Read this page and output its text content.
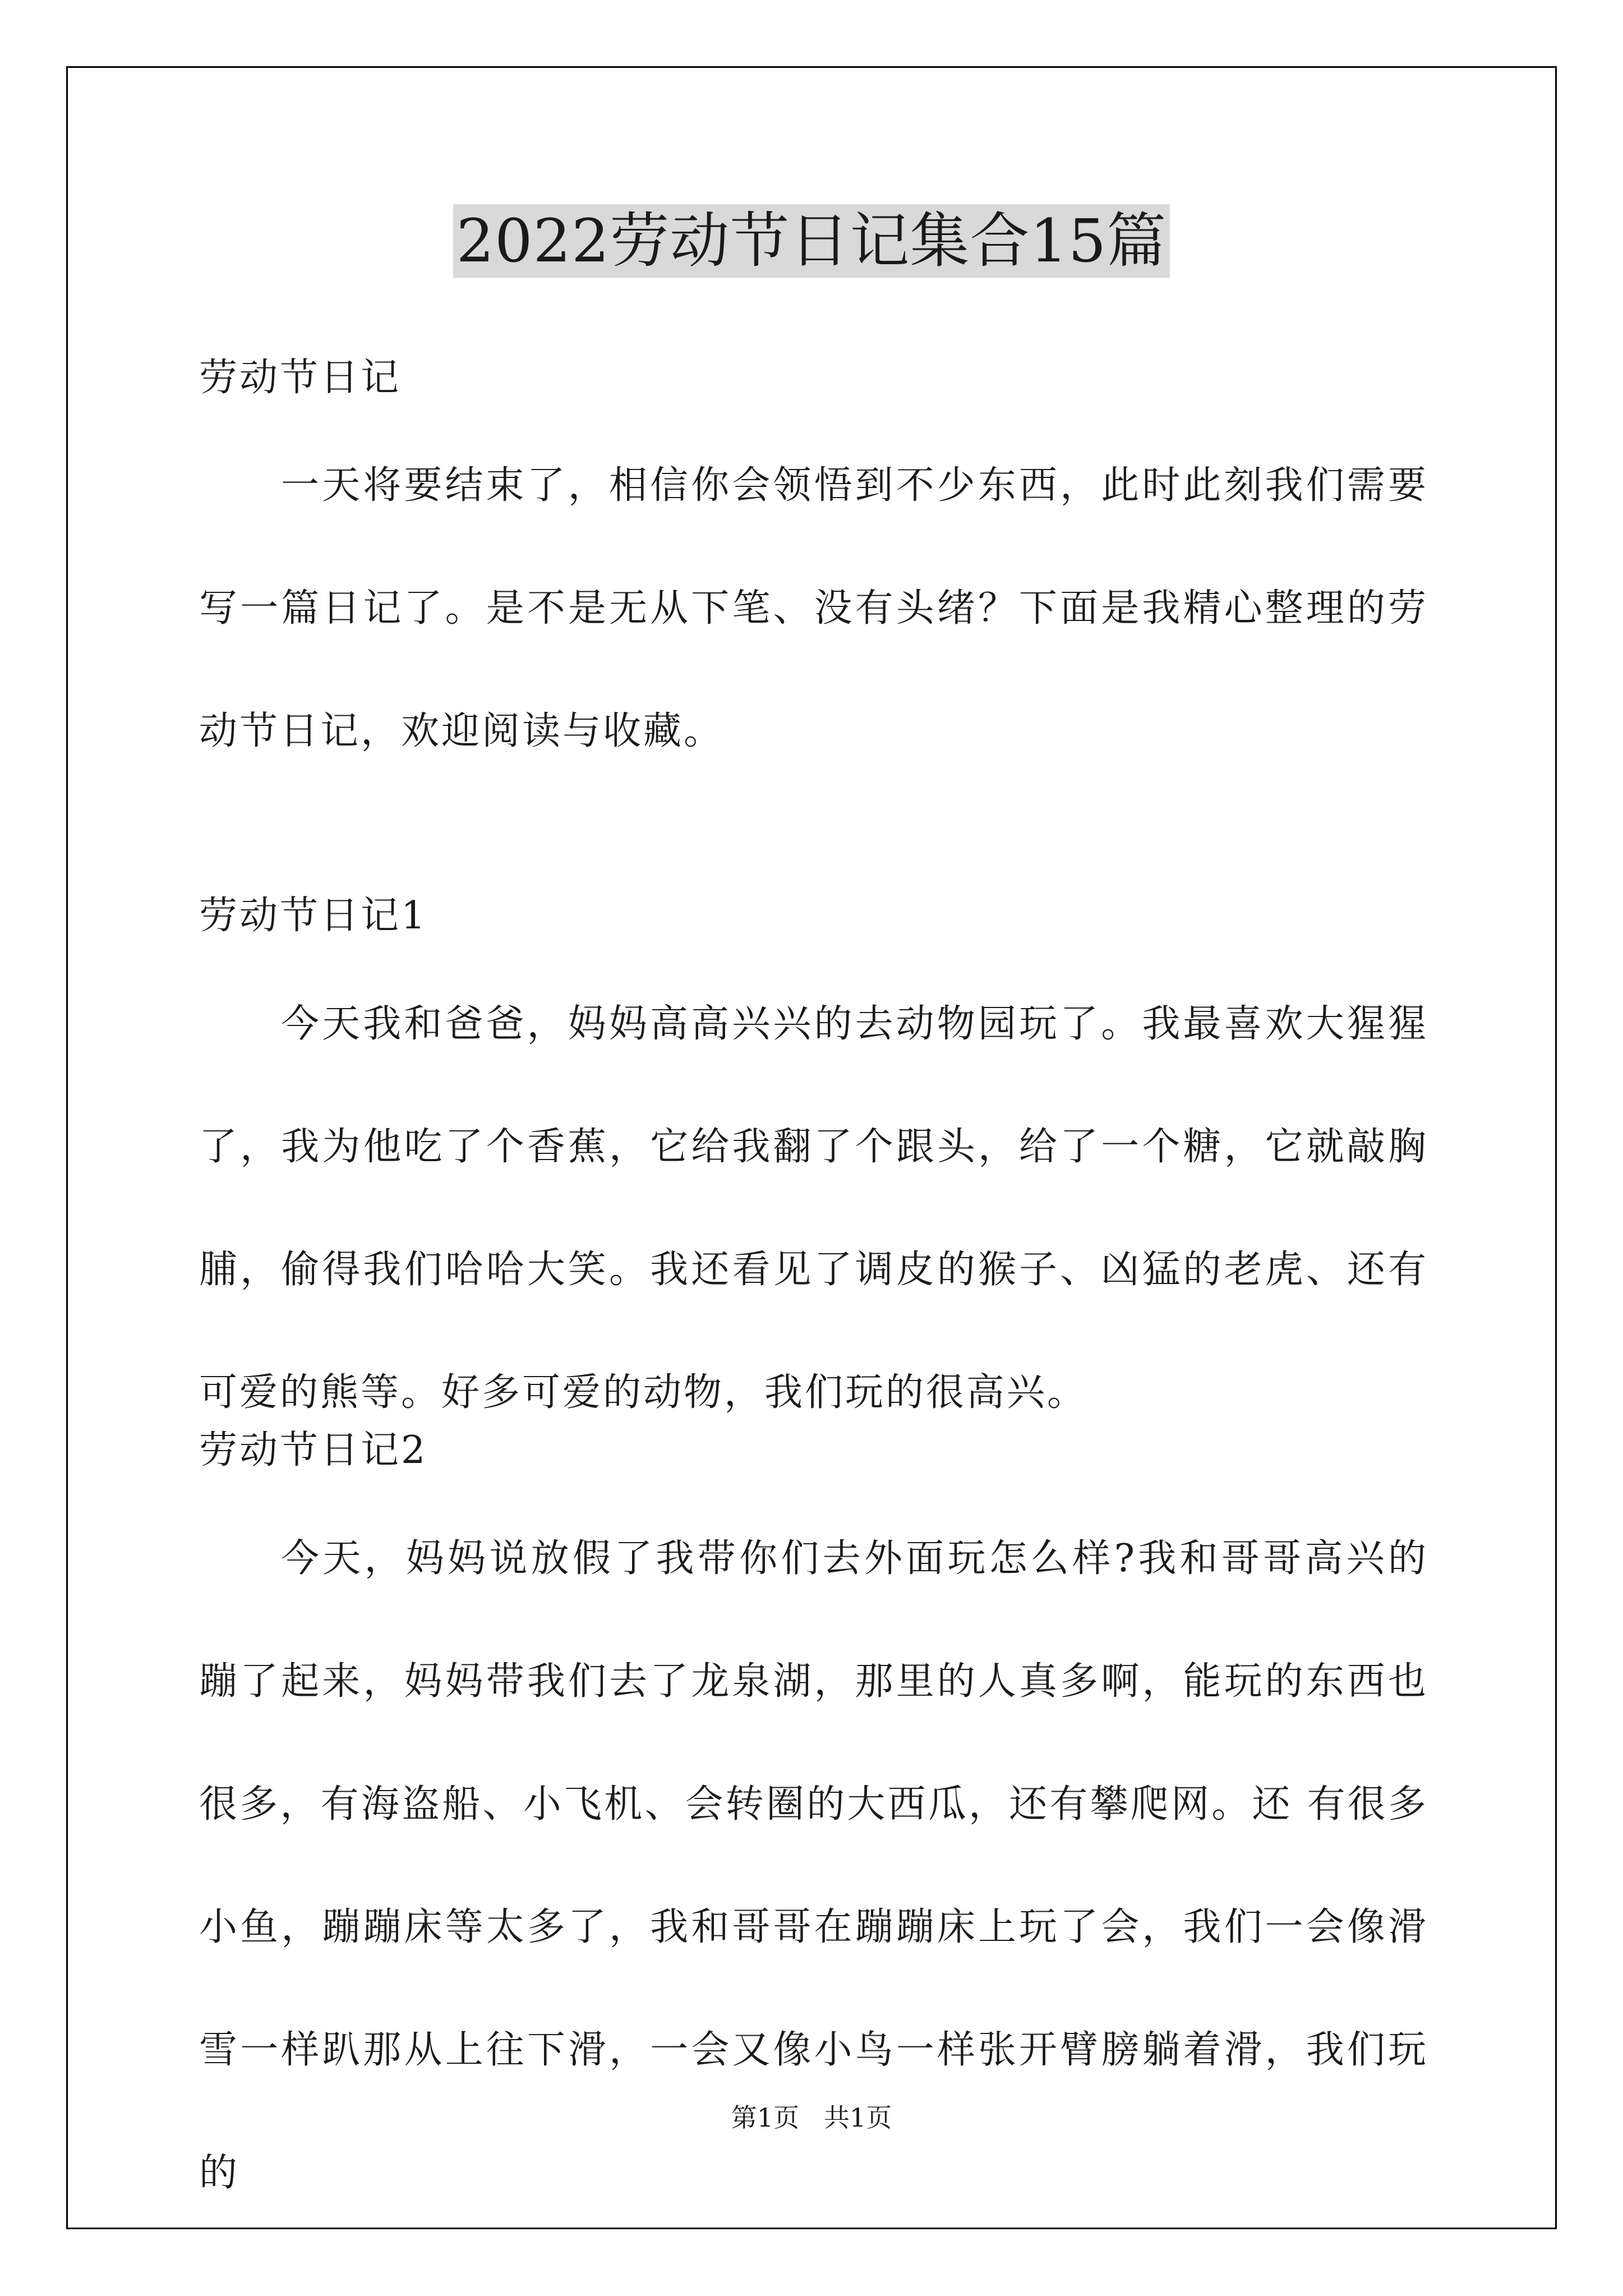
2022劳动节日记集合15篇
劳动节日记

一天将要结束了，相信你会领悟到不少东西，此时此刻我们需要写一篇日记了。是不是无从下笔、没有头绪？下面是我精心整理的劳动节日记，欢迎阅读与收藏。

劳动节日记1

今天我和爸爸，妈妈高高兴兴的去动物园玩了。我最喜欢大猩猩了，我为他吃了个香蕉，它给我翻了个跟头，给了一个糖，它就敲胸脯，偷得我们哈哈大笑。我还看见了调皮的猴子、凶猛的老虎、还有可爱的熊等。好多可爱的动物，我们玩的很高兴。

劳动节日记2

今天，妈妈说放假了我带你们去外面玩怎么样?我和哥哥高兴的蹦了起来，妈妈带我们去了龙泉湖，那里的人真多啊，能玩的东西也很多，有海盗船、小飞机、会转圈的大西瓜，还有攀爬网。还 有很多小鱼，蹦蹦床等太多了，我和哥哥在蹦蹦床上玩了会，我们一会像滑雪一样趴那从上往下滑，一会又像小鸟一样张开臂膀躺着滑，我们玩的

第1页   共1页
